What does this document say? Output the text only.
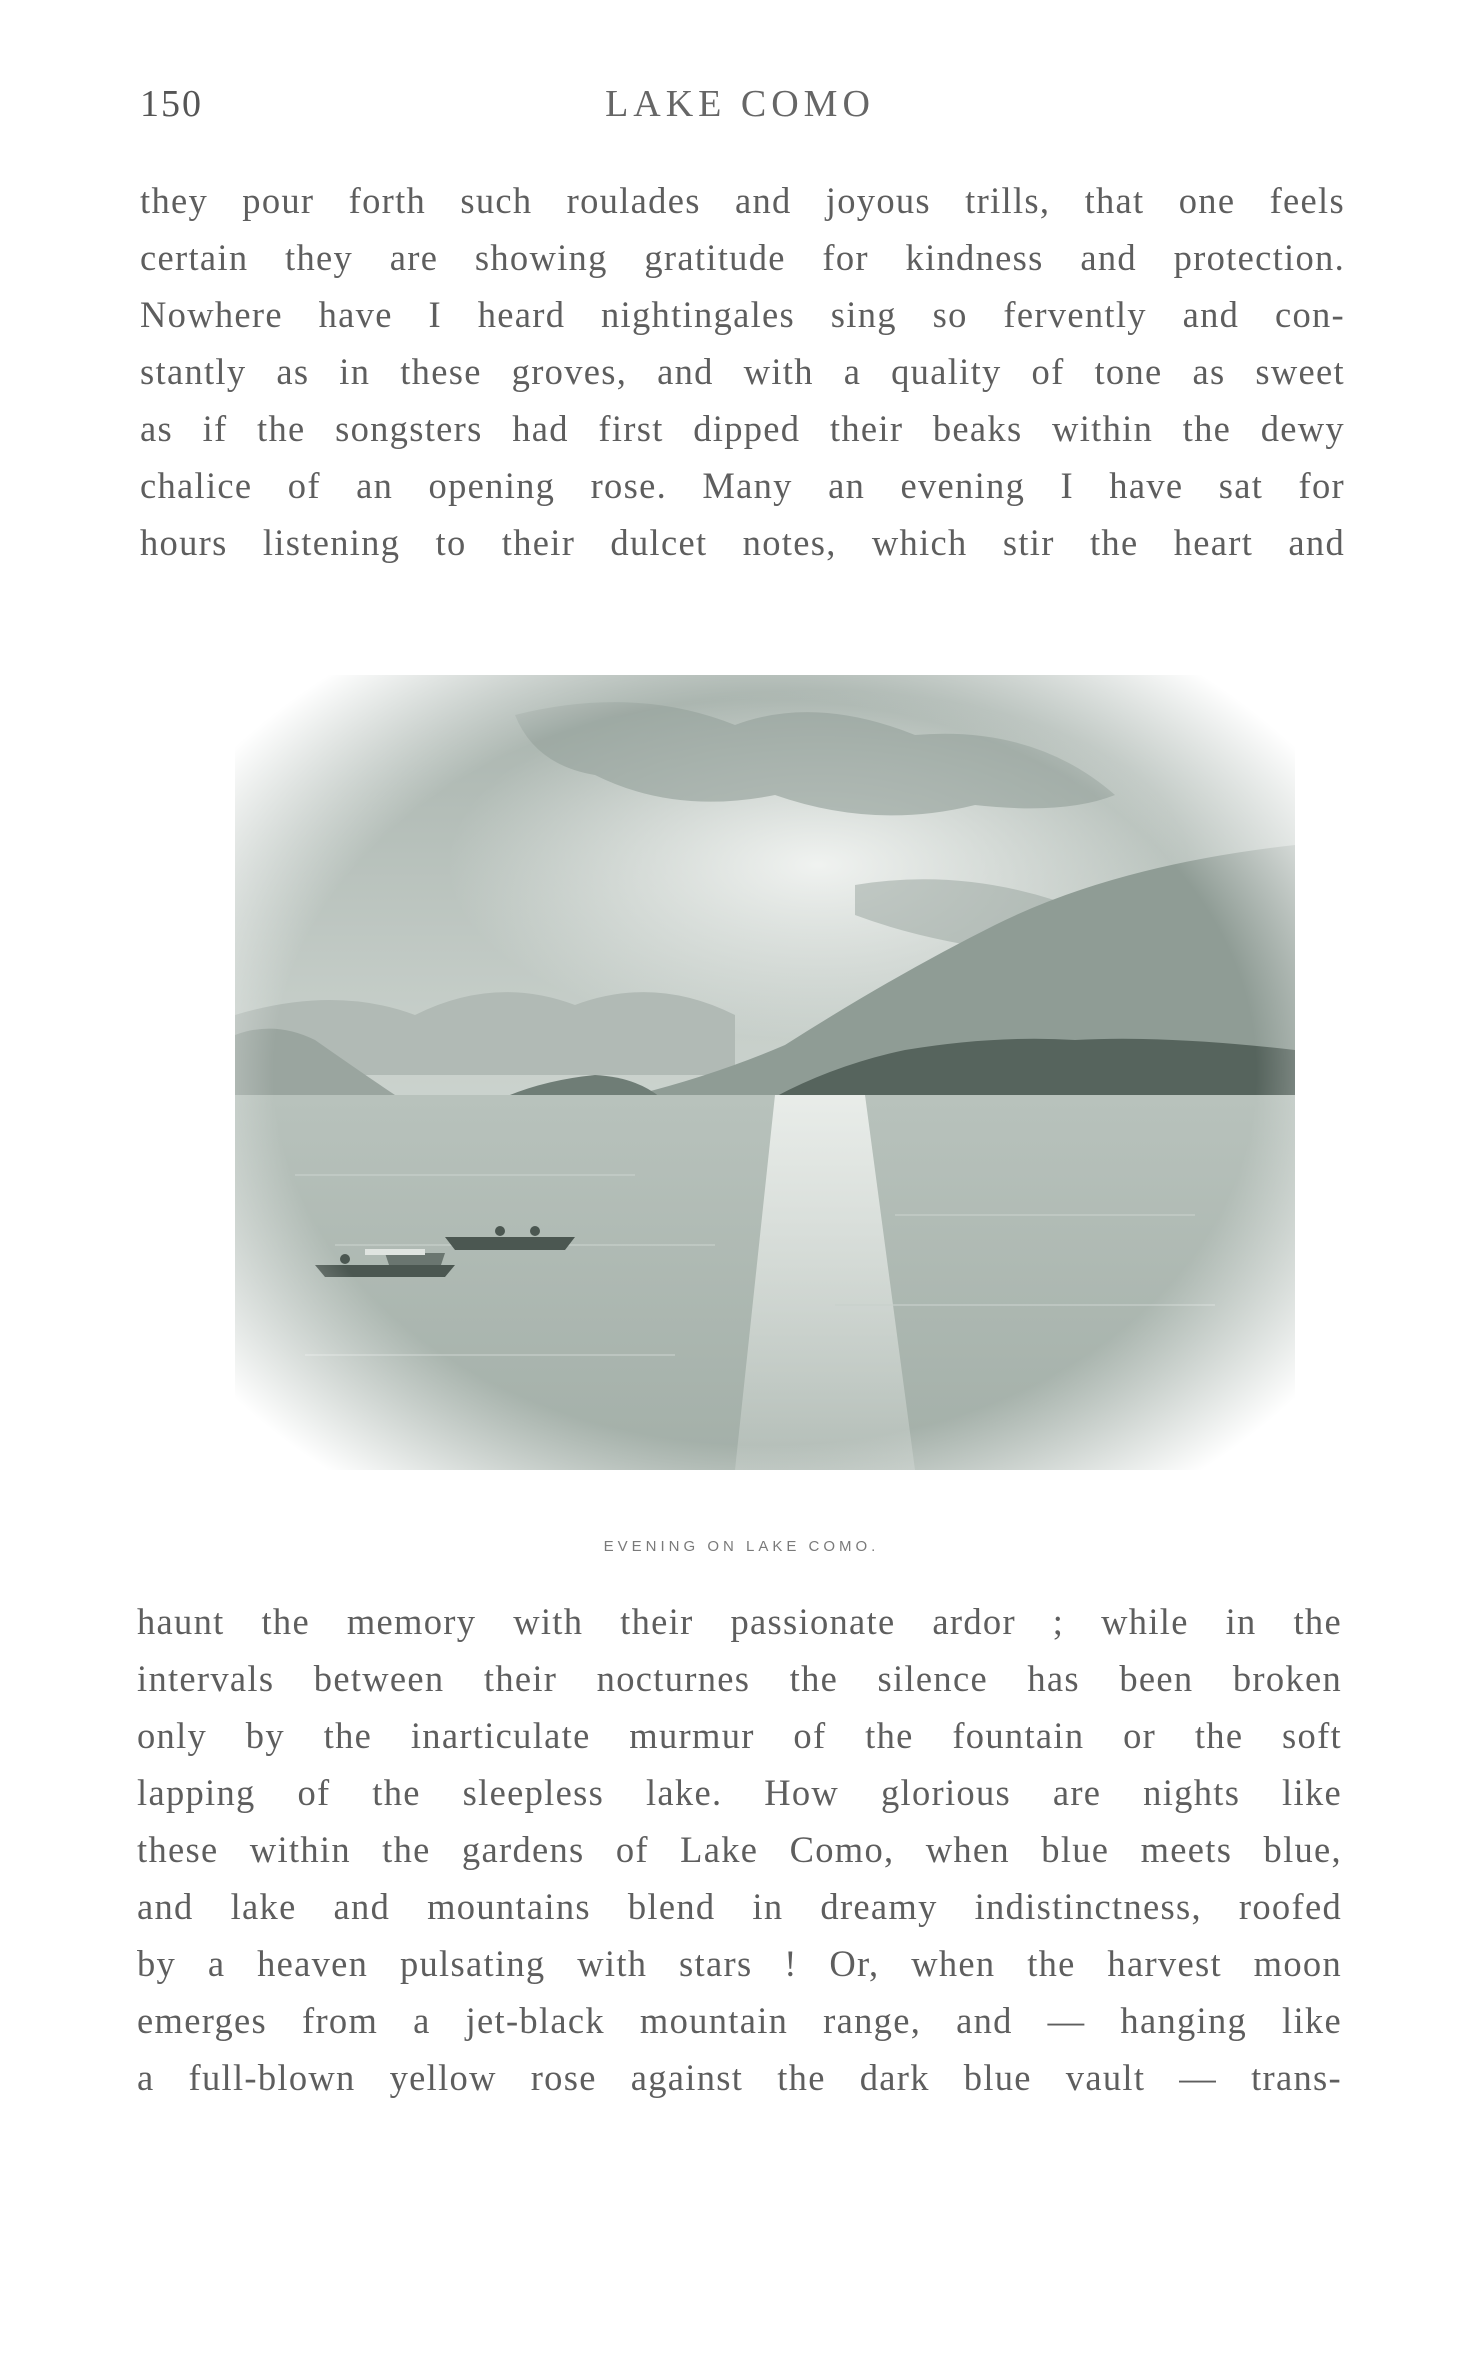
150	LAKE COMO
they pour forth such roulades and joyous trills, that one feels
certain they are showing gratitude for kindness and protection.
Nowhere have I heard nightingales sing so fervently and con-
stantly as in these groves, and with a quality of tone as sweet
as if the songsters had first dipped their beaks within the dewy
chalice of an opening rose. Many an evening I have sat for
hours listening to their dulcet notes, which stir the heart and
EVENING ON LAKE COMO.
haunt the memory with their passionate ardor ; while in the
intervals between their nocturnes the silence has been broken
only by the inarticulate murmur of the fountain or the soft
lapping of the sleepless lake. How glorious are nights like
these within the gardens of Lake Como, when blue meets blue,
and lake and mountains blend in dreamy indistinctness, roofed
by a heaven pulsating with stars ! Or, when the harvest moon
emerges from a jet-black mountain range, and — hanging like
a full-blown yellow rose against the dark blue vault — trans-
